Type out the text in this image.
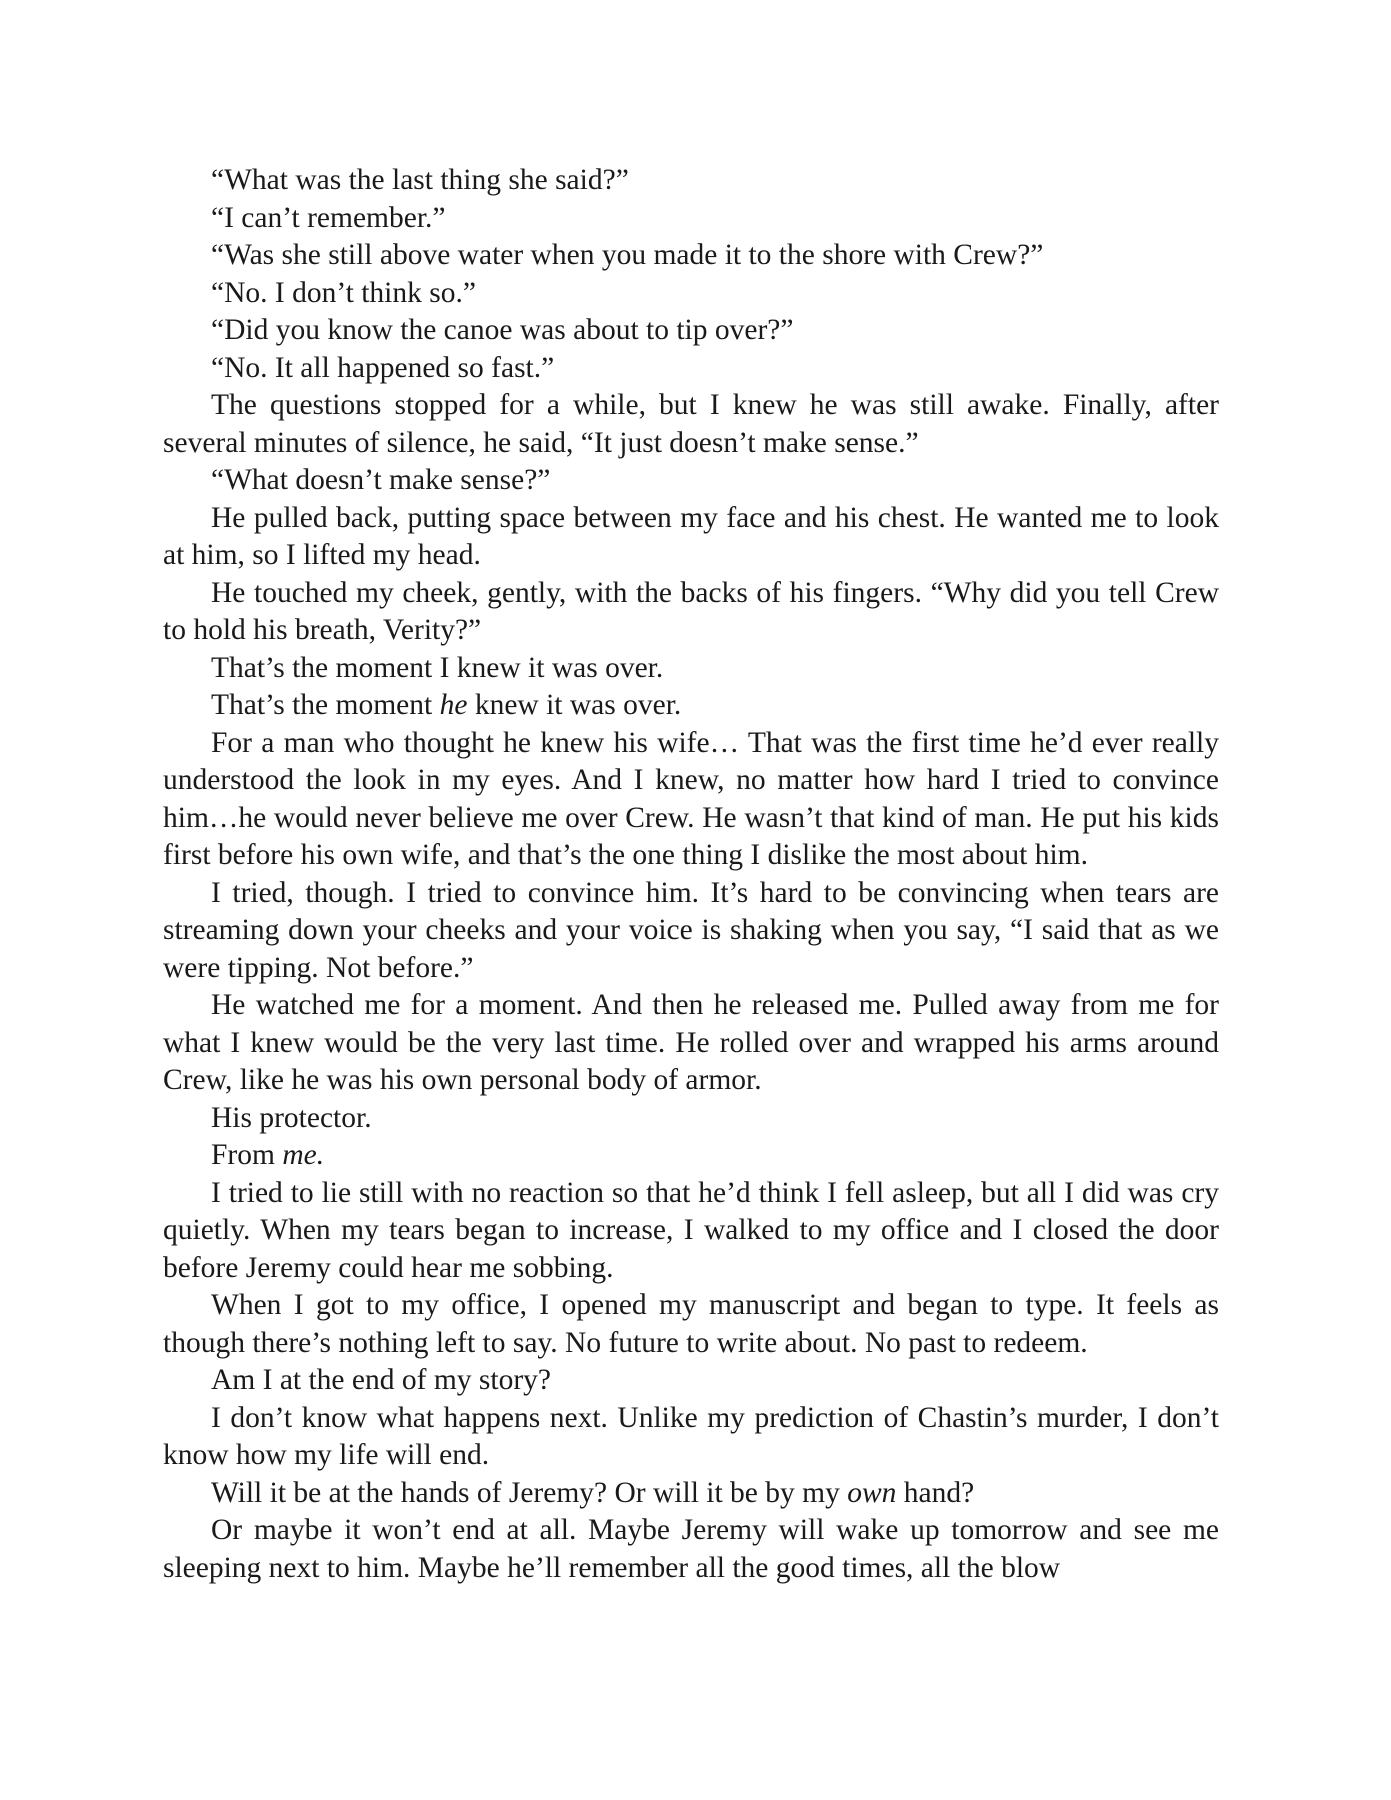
“What was the last thing she said?”

“I can’t remember.”

“Was she still above water when you made it to the shore with Crew?”

“No. I don’t think so.”

“Did you know the canoe was about to tip over?”

“No. It all happened so fast.”

The questions stopped for a while, but I knew he was still awake. Finally, after several minutes of silence, he said, “It just doesn’t make sense.”

“What doesn’t make sense?”

He pulled back, putting space between my face and his chest. He wanted me to look at him, so I lifted my head.

He touched my cheek, gently, with the backs of his fingers. “Why did you tell Crew to hold his breath, Verity?”

That’s the moment I knew it was over.

That’s the moment he knew it was over.

For a man who thought he knew his wife… That was the first time he’d ever really understood the look in my eyes. And I knew, no matter how hard I tried to convince him…he would never believe me over Crew. He wasn’t that kind of man. He put his kids first before his own wife, and that’s the one thing I dislike the most about him.

I tried, though. I tried to convince him. It’s hard to be convincing when tears are streaming down your cheeks and your voice is shaking when you say, “I said that as we were tipping. Not before.”

He watched me for a moment. And then he released me. Pulled away from me for what I knew would be the very last time. He rolled over and wrapped his arms around Crew, like he was his own personal body of armor.

His protector.

From me.

I tried to lie still with no reaction so that he’d think I fell asleep, but all I did was cry quietly. When my tears began to increase, I walked to my office and I closed the door before Jeremy could hear me sobbing.

When I got to my office, I opened my manuscript and began to type. It feels as though there’s nothing left to say. No future to write about. No past to redeem.

Am I at the end of my story?

I don’t know what happens next. Unlike my prediction of Chastin’s murder, I don’t know how my life will end.

Will it be at the hands of Jeremy? Or will it be by my own hand?

Or maybe it won’t end at all. Maybe Jeremy will wake up tomorrow and see me sleeping next to him. Maybe he’ll remember all the good times, all the blow
